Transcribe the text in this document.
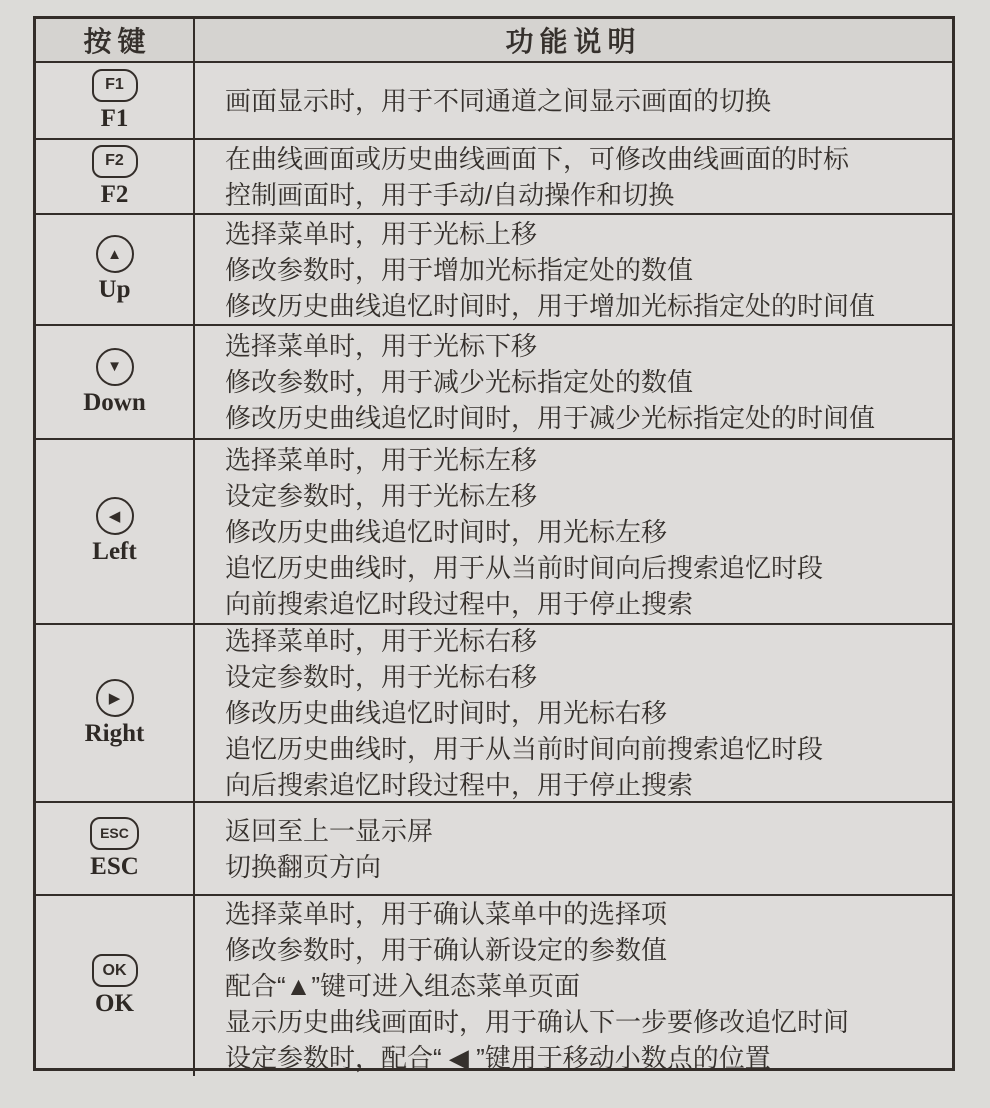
按键	功能说明
F1
F1
画面显示时，用于不同通道之间显示画面的切换
F2
F2
在曲线画面或历史曲线画面下，可修改曲线画面的时标
控制画面时，用于手动/自动操作和切换
▲
Up
选择菜单时，用于光标上移
修改参数时，用于增加光标指定处的数值
修改历史曲线追忆时间时，用于增加光标指定处的时间值
▼
Down
选择菜单时，用于光标下移
修改参数时，用于减少光标指定处的数值
修改历史曲线追忆时间时，用于减少光标指定处的时间值
◀
Left
选择菜单时，用于光标左移
设定参数时，用于光标左移
修改历史曲线追忆时间时，用光标左移
追忆历史曲线时，用于从当前时间向后搜索追忆时段
向前搜索追忆时段过程中，用于停止搜索
▶
Right
选择菜单时，用于光标右移
设定参数时，用于光标右移
修改历史曲线追忆时间时，用光标右移
追忆历史曲线时，用于从当前时间向前搜索追忆时段
向后搜索追忆时段过程中，用于停止搜索
ESC
ESC
返回至上一显示屏
切换翻页方向
OK
OK
选择菜单时，用于确认菜单中的选择项
修改参数时，用于确认新设定的参数值
配合“▲”键可进入组态菜单页面
显示历史曲线画面时，用于确认下一步要修改追忆时间
设定参数时，配合“ ◀ ”键用于移动小数点的位置
